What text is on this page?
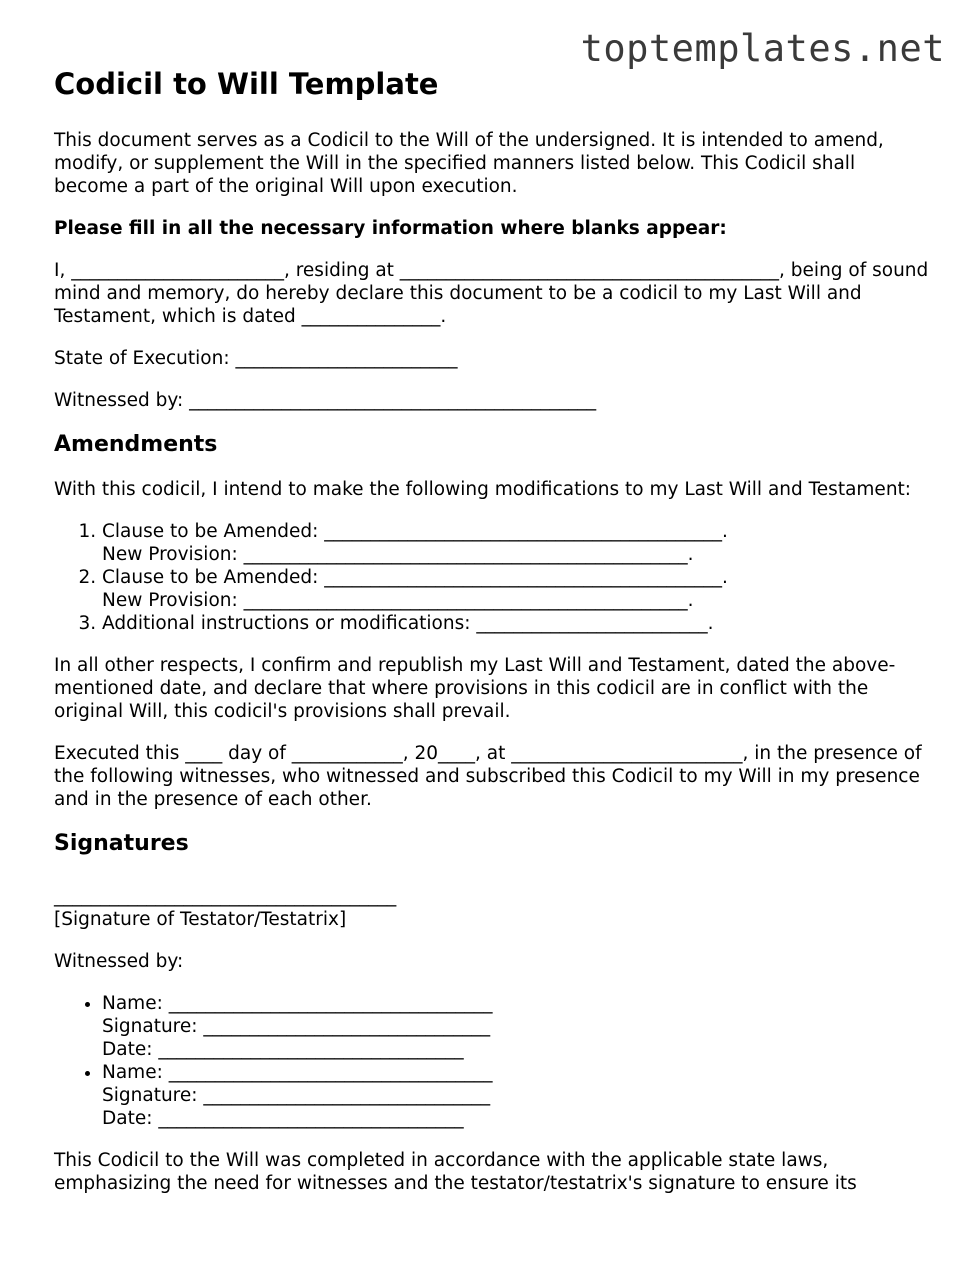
toptemplates.net
Codicil to Will Template

This document serves as a Codicil to the Will of the undersigned. It is intended to amend, modify, or supplement the Will in the specified manners listed below. This Codicil shall become a part of the original Will upon execution.

Please fill in all the necessary information where blanks appear:

I, _______________________, residing at _________________________________________, being of sound mind and memory, do hereby declare this document to be a codicil to my Last Will and Testament, which is dated _______________.

State of Execution: ________________________

Witnessed by: ____________________________________________

Amendments

With this codicil, I intend to make the following modifications to my Last Will and Testament:

1. Clause to be Amended: ___________________________________________.
New Provision: ________________________________________________.
2. Clause to be Amended: ___________________________________________.
New Provision: ________________________________________________.
3. Additional instructions or modifications: _________________________.

In all other respects, I confirm and republish my Last Will and Testament, dated the above-mentioned date, and declare that where provisions in this codicil are in conflict with the original Will, this codicil's provisions shall prevail.

Executed this ____ day of ____________, 20____, at _________________________, in the presence of the following witnesses, who witnessed and subscribed this Codicil to my Will in my presence and in the presence of each other.

Signatures

_____________________________________
[Signature of Testator/Testatrix]

Witnessed by:

• Name: ___________________________________
Signature: _______________________________
Date: _________________________________
• Name: ___________________________________
Signature: _______________________________
Date: _________________________________

This Codicil to the Will was completed in accordance with the applicable state laws, emphasizing the need for witnesses and the testator/testatrix's signature to ensure its
